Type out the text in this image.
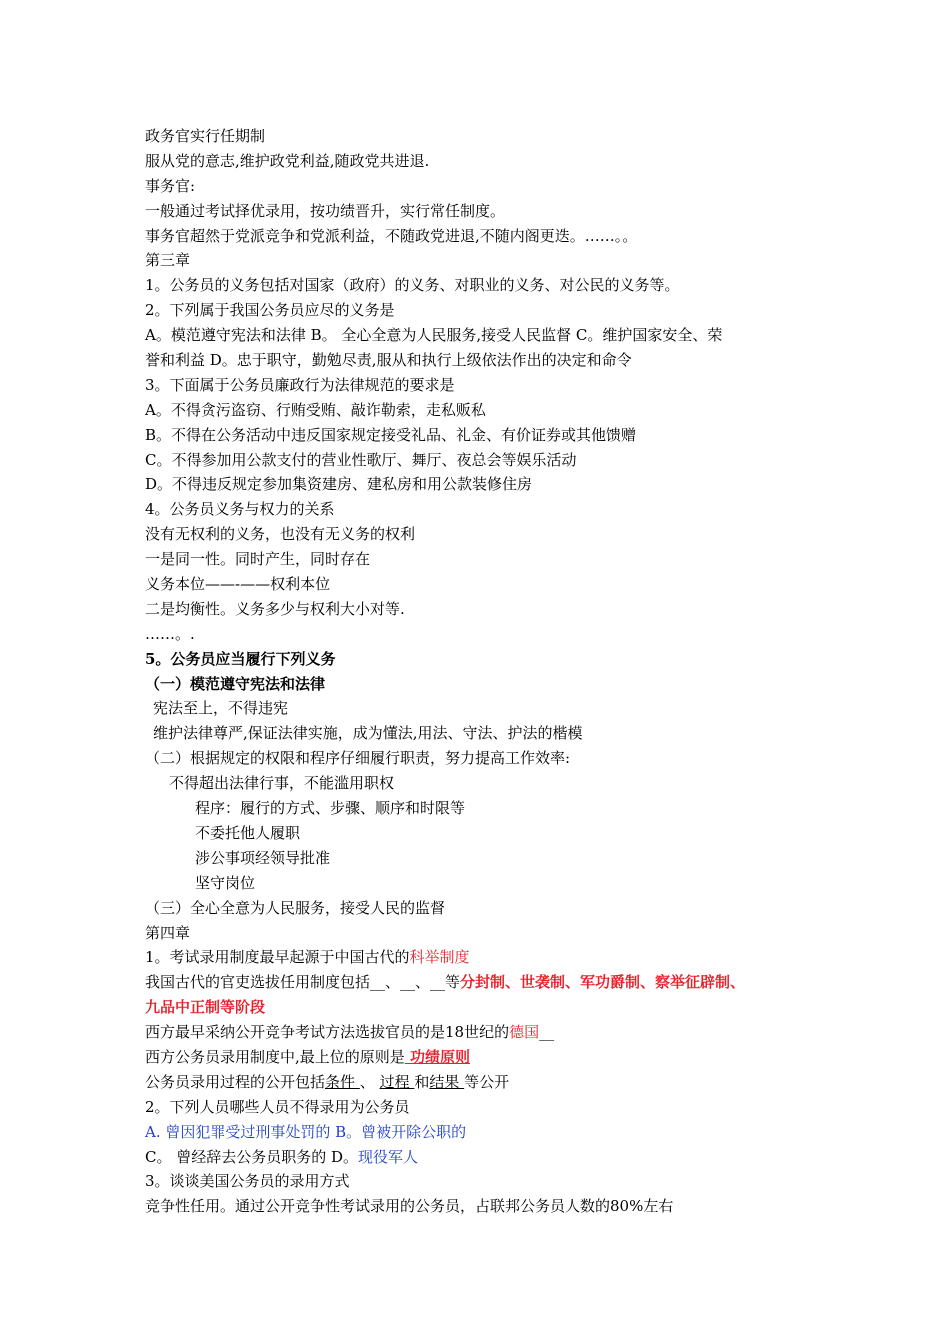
政务官实行任期制
服从党的意志,维护政党利益,随政党共进退.
事务官:
一般通过考试择优录用，按功绩晋升，实行常任制度。
事务官超然于党派竞争和党派利益，不随政党进退,不随内阁更迭。……。。
第三章
1。公务员的义务包括对国家（政府）的义务、对职业的义务、对公民的义务等。
2。下列属于我国公务员应尽的义务是
A。模范遵守宪法和法律 B。 全心全意为人民服务,接受人民监督 C。维护国家安全、荣
誉和利益 D。忠于职守，勤勉尽责,服从和执行上级依法作出的决定和命令
3。下面属于公务员廉政行为法律规范的要求是
A。不得贪污盗窃、行贿受贿、敲诈勒索，走私贩私
B。不得在公务活动中违反国家规定接受礼品、礼金、有价证券或其他馈赠
C。不得参加用公款支付的营业性歌厅、舞厅、夜总会等娱乐活动
D。不得违反规定参加集资建房、建私房和用公款装修住房
4。公务员义务与权力的关系
没有无权利的义务，也没有无义务的权利
一是同一性。同时产生，同时存在
义务本位——-——权利本位
二是均衡性。义务多少与权利大小对等.
……。.
5。公务员应当履行下列义务
（一）模范遵守宪法和法律
宪法至上，不得违宪
维护法律尊严,保证法律实施，成为懂法,用法、守法、护法的楷模
（二）根据规定的权限和程序仔细履行职责，努力提高工作效率:
不得超出法律行事，不能滥用职权
程序：履行的方式、步骤、顺序和时限等
不委托他人履职
涉公事项经领导批准
坚守岗位
（三）全心全意为人民服务，接受人民的监督
第四章
1。考试录用制度最早起源于中国古代的科举制度
我国古代的官吏选拔任用制度包括__、__、__等分封制、世袭制、军功爵制、察举征辟制、
九品中正制等阶段
西方最早采纳公开竞争考试方法选拔官员的是18世纪的德国__
西方公务员录用制度中,最上位的原则是 功绩原则
公务员录用过程的公开包括条件 、 过程 和结果 等公开
2。下列人员哪些人员不得录用为公务员
A. 曾因犯罪受过刑事处罚的 B。曾被开除公职的
C。 曾经辞去公务员职务的 D。现役军人
3。谈谈美国公务员的录用方式
竞争性任用。通过公开竞争性考试录用的公务员，占联邦公务员人数的80%左右
